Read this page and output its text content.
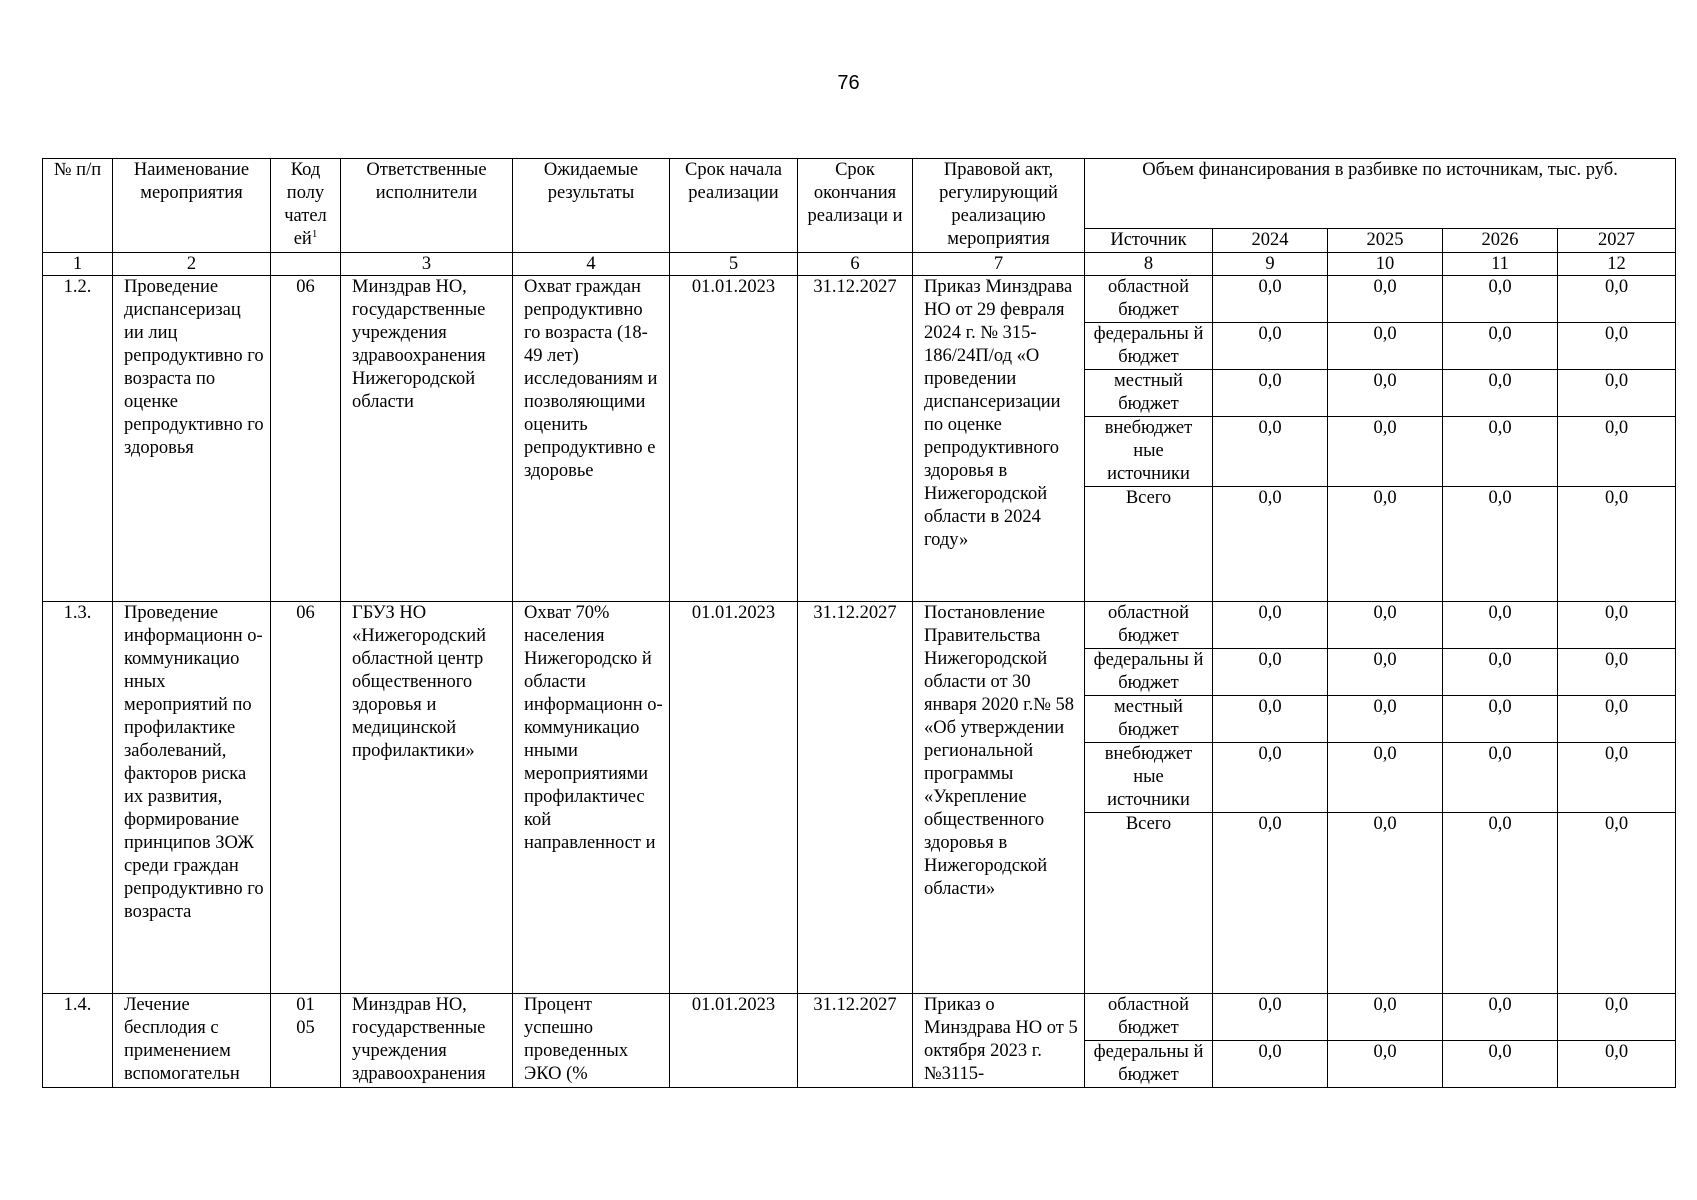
76
№ п/п	Наименование мероприятия	Код полу чател $ей^1$	Ответственные исполнители	Ожидаемые результаты	Срок начала реализации	Срок окончания реализаци и	Правовой акт, регулирующий реализацию мероприятия	Объем финансирования в разбивке по источникам, тыс. руб.				
								Источник	2024	2025	2026	2027
1	2		3	4	5	6	7	8	9	10	11	12
1.2.	Проведение диспансеризац ии лиц репродуктивно го возраста по оценке репродуктивно го здоровья	06	Минздрав НО, государственные учреждения здравоохранения Нижегородской области	Охват граждан репродуктивно го возраста (18-49 лет) исследованиям и позволяющими оценить репродуктивно е здоровье	01.01.2023	31.12.2027	Приказ Минздрава НО от 29 февраля 2024 г. № 315-186/24П/од «О проведении диспансеризации по оценке репродуктивного здоровья в Нижегородской области в 2024 году»	областной бюджет	0,0	0,0	0,0	0,0
								федеральны й бюджет	0,0	0,0	0,0	0,0
								местный бюджет	0,0	0,0	0,0	0,0
								внебюджет ные источники	0,0	0,0	0,0	0,0
								Всего	0,0	0,0	0,0	0,0
1.3.	Проведение информационн о-коммуникацио нных мероприятий по профилактике заболеваний, факторов риска их развития, формирование принципов ЗОЖ среди граждан репродуктивно го возраста	06	ГБУЗ НО «Нижегородский областной центр общественного здоровья и медицинской профилактики»	Охват 70% населения Нижегородско й области информационн о-коммуникацио нными мероприятиями профилактичес кой направленност и	01.01.2023	31.12.2027	Постановление Правительства Нижегородской области от 30 января 2020 г.№ 58 «Об утверждении региональной программы «Укрепление общественного здоровья в Нижегородской области»	областной бюджет	0,0	0,0	0,0	0,0
								федеральны й бюджет	0,0	0,0	0,0	0,0
								местный бюджет	0,0	0,0	0,0	0,0
								внебюджет ные источники	0,0	0,0	0,0	0,0
								Всего	0,0	0,0	0,0	0,0
1.4.	Лечение бесплодия с применением вспомогательн	01 05	Минздрав НО, государственные учреждения здравоохранения	Процент успешно проведенных ЭКО (%	01.01.2023	31.12.2027	Приказ о Минздрава НО от 5 октября 2023 г. №3115-	областной бюджет	0,0	0,0	0,0	0,0
								федеральны й бюджет	0,0	0,0	0,0	0,0
